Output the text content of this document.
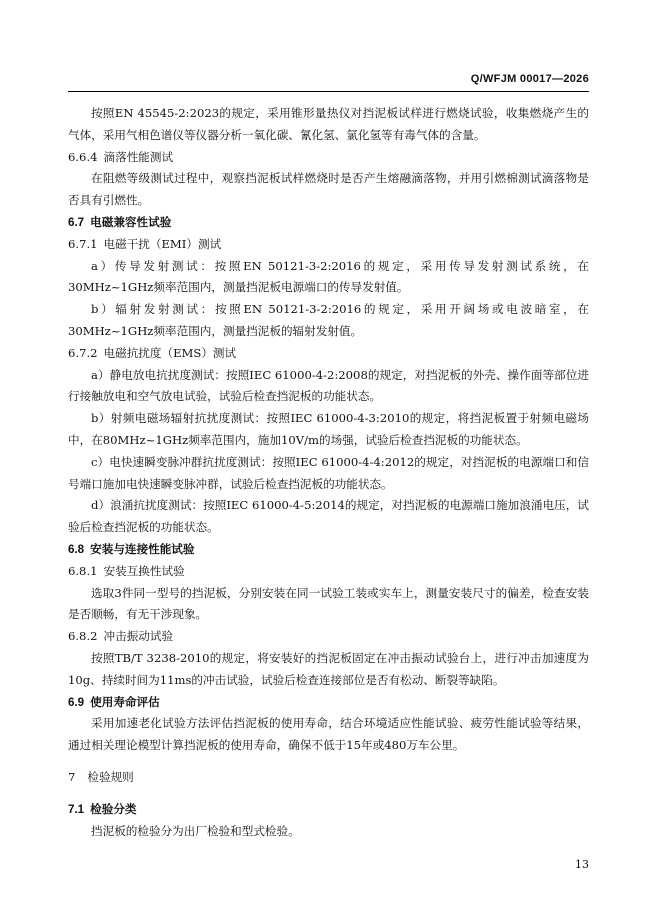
Q/WFJM 00017—2026

按照EN 45545-2:2023的规定，采用锥形量热仪对挡泥板试样进行燃烧试验，收集燃烧产生的气体，采用气相色谱仪等仪器分析一氧化碳、氰化氢、氯化氢等有毒气体的含量。

6.6.4 滴落性能测试

在阻燃等级测试过程中，观察挡泥板试样燃烧时是否产生熔融滴落物，并用引燃棉测试滴落物是否具有引燃性。

6.7 电磁兼容性试验

6.7.1 电磁干扰（EMI）测试

a）传导发射测试：按照EN 50121-3-2:2016的规定，采用传导发射测试系统，在30MHz~1GHz频率范围内，测量挡泥板电源端口的传导发射值。

b）辐射发射测试：按照EN 50121-3-2:2016的规定，采用开阔场或电波暗室，在30MHz~1GHz频率范围内，测量挡泥板的辐射发射值。

6.7.2 电磁抗扰度（EMS）测试

a）静电放电抗扰度测试：按照IEC 61000-4-2:2008的规定，对挡泥板的外壳、操作面等部位进行接触放电和空气放电试验，试验后检查挡泥板的功能状态。

b）射频电磁场辐射抗扰度测试：按照IEC 61000-4-3:2010的规定，将挡泥板置于射频电磁场中，在80MHz~1GHz频率范围内，施加10V/m的场强，试验后检查挡泥板的功能状态。

c）电快速瞬变脉冲群抗扰度测试：按照IEC 61000-4-4:2012的规定，对挡泥板的电源端口和信号端口施加电快速瞬变脉冲群，试验后检查挡泥板的功能状态。

d）浪涌抗扰度测试：按照IEC 61000-4-5:2014的规定，对挡泥板的电源端口施加浪涌电压，试验后检查挡泥板的功能状态。

6.8 安装与连接性能试验

6.8.1 安装互换性试验

选取3件同一型号的挡泥板，分别安装在同一试验工装或实车上，测量安装尺寸的偏差，检查安装是否顺畅，有无干涉现象。

6.8.2 冲击振动试验

按照TB/T 3238-2010的规定，将安装好的挡泥板固定在冲击振动试验台上，进行冲击加速度为10g、持续时间为11ms的冲击试验，试验后检查连接部位是否有松动、断裂等缺陷。

6.9 使用寿命评估

采用加速老化试验方法评估挡泥板的使用寿命，结合环境适应性能试验、疲劳性能试验等结果，通过相关理论模型计算挡泥板的使用寿命，确保不低于15年或480万车公里。

7 检验规则

7.1 检验分类

挡泥板的检验分为出厂检验和型式检验。

13
